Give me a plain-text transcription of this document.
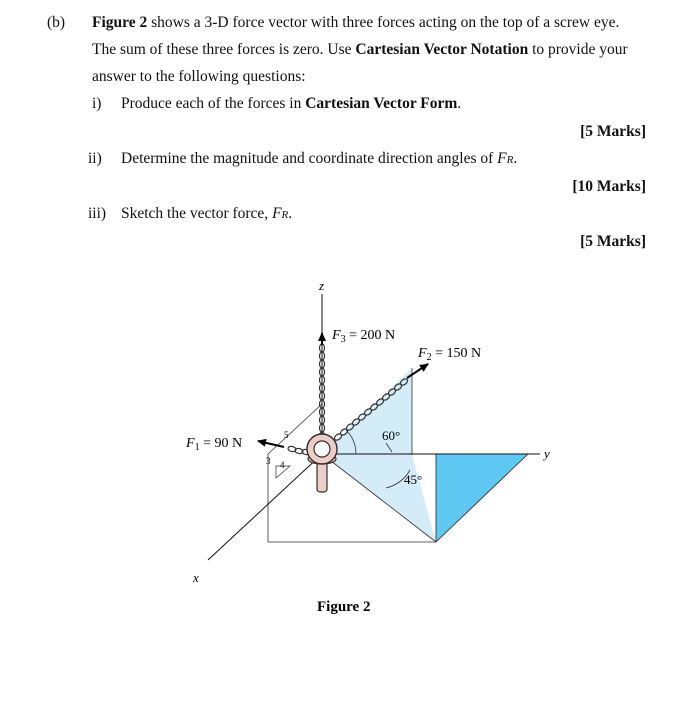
(b) Figure 2 shows a 3-D force vector with three forces acting on the top of a screw eye.
The sum of these three forces is zero. Use Cartesian Vector Notation to provide your
answer to the following questions:
i) Produce each of the forces in Cartesian Vector Form.
[5 Marks]
ii) Determine the magnitude and coordinate direction angles of FR.
[10 Marks]
iii) Sketch the vector force, FR.
[5 Marks]
z
y
x
$F_3 = 200$ N
$F_2 = 150$ N
$F_1 = 90$ N
60°
45°
5
3 4
Figure 2
